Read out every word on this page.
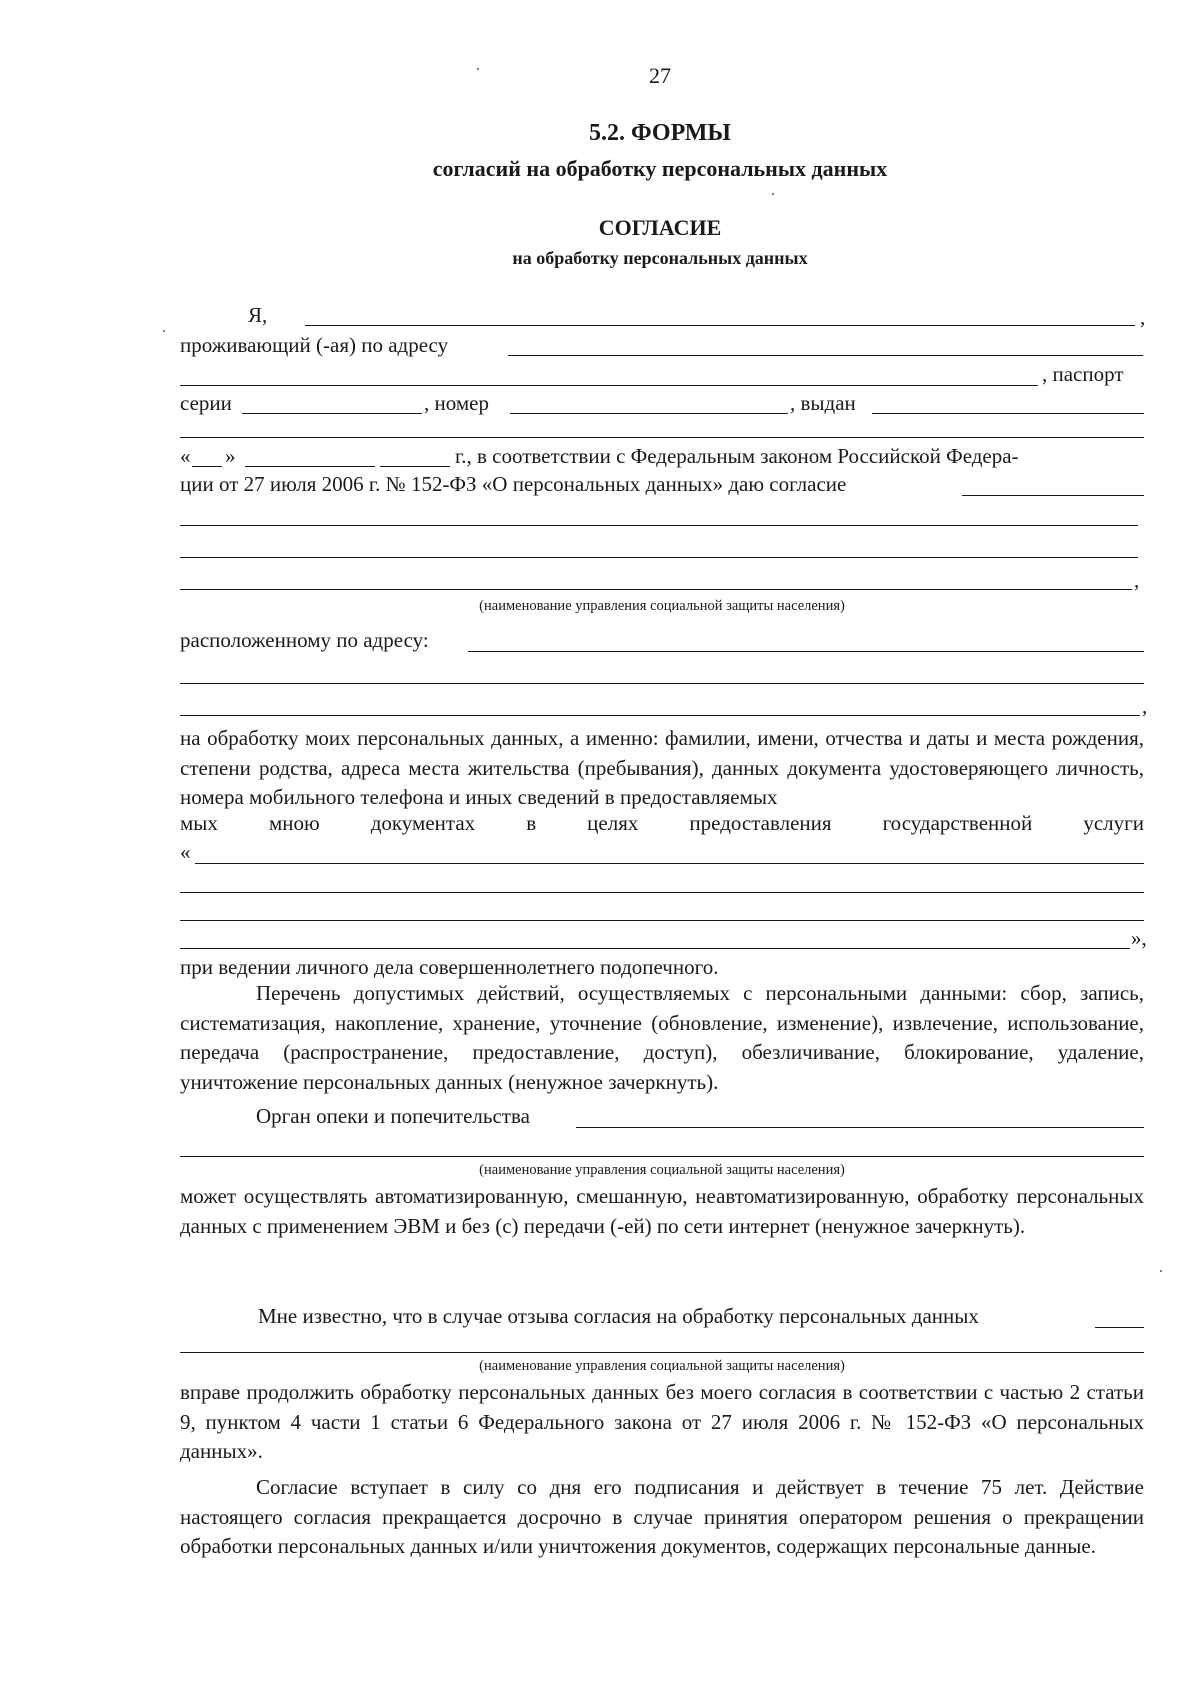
27
5.2. ФОРМЫ
согласий на обработку персональных данных
СОГЛАСИЕ
на обработку персональных данных
Я,	,
проживающий (-ая) по адресу
, паспорт
серии	, номер	, выдан
« »	г., в соответствии с Федеральным законом Российской Федера-
ции от 27 июля 2006 г. № 152-ФЗ «О персональных данных» даю согласие
,
(наименование управления социальной защиты населения)
расположенному по адресу:
,
на обработку моих персональных данных, а именно: фамилии, имени, отчества и даты и места рождения, степени родства, адреса места жительства (пребывания), данных документа удостоверяющего личность, номера мобильного телефона и иных сведений в предоставляемых
мых мною документах в целях предоставления государственной услуги
«
»,
при ведении личного дела совершеннолетнего подопечного.
Перечень допустимых действий, осуществляемых с персональными данными: сбор, запись, систематизация, накопление, хранение, уточнение (обновление, изменение), извлечение, использование, передача (распространение, предоставление, доступ), обезличивание, блокирование, удаление, уничтожение персональных данных (ненужное зачеркнуть).
Орган опеки и попечительства
(наименование управления социальной защиты населения)
может осуществлять автоматизированную, смешанную, неавтоматизированную, обработку персональных данных с применением ЭВМ и без (с) передачи (-ей) по сети интернет (ненужное зачеркнуть).
Мне известно, что в случае отзыва согласия на обработку персональных данных
(наименование управления социальной защиты населения)
вправе продолжить обработку персональных данных без моего согласия в соответствии с частью 2 статьи 9, пунктом 4 части 1 статьи 6 Федерального закона от 27 июля 2006 г. № 152-ФЗ «О персональных данных».
Согласие вступает в силу со дня его подписания и действует в течение 75 лет. Действие настоящего согласия прекращается досрочно в случае принятия оператором решения о прекращении обработки персональных данных и/или уничтожения документов, содержащих персональные данные.
